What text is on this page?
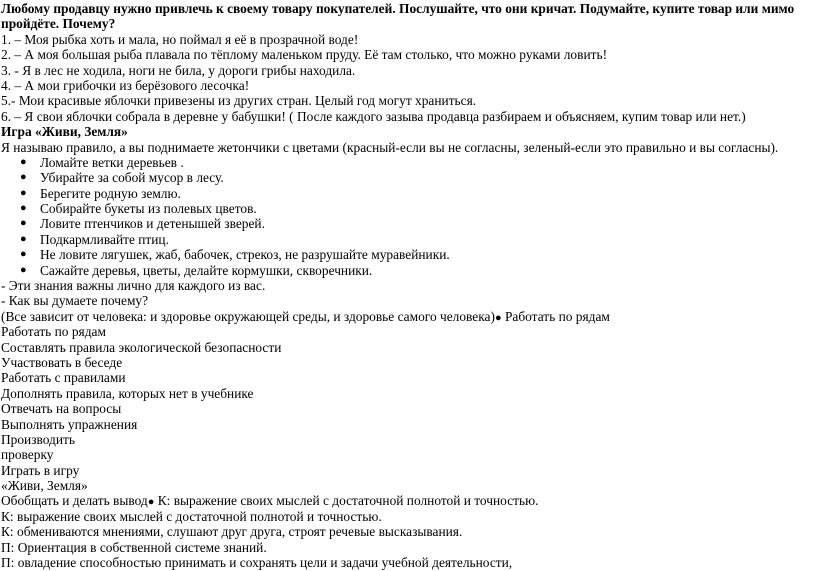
Любому продавцу нужно привлечь к своему товару покупателей. Послушайте, что они кричат. Подумайте, купите товар или мимо
пройдёте. Почему?
1. – Моя рыбка хоть и мала, но поймал я её в прозрачной воде!
2. – А моя большая рыба плавала по тёплому маленьком пруду. Её там столько, что можно руками ловить!
3. - Я в лес не ходила, ноги не била, у дороги грибы находила.
4. – А мои грибочки из берёзового лесочка!
5.- Мои красивые яблочки привезены из других стран. Целый год могут храниться.
6. – Я свои яблочки собрала в деревне у бабушки! ( После каждого зазыва продавца разбираем и объясняем, купим товар или нет.)
Игра «Живи, Земля»
Я называю правило, а вы поднимаете жетончики с цветами (красный-если вы не согласны, зеленый-если это правильно и вы согласны).
● Ломайте ветки деревьев .
● Убирайте за собой мусор в лесу.
● Берегите родную землю.
● Собирайте букеты из полевых цветов.
● Ловите птенчиков и детенышей зверей.
● Подкармливайте птиц.
● Не ловите лягушек, жаб, бабочек, стрекоз, не разрушайте муравейники.
● Сажайте деревья, цветы, делайте кормушки, скворечники.
- Эти знания важны лично для каждого из вас.
- Как вы думаете почему?
(Все зависит от человека: и здоровье окружающей среды, и здоровье самого человека)● Работать по рядам
Работать по рядам
Составлять правила экологической безопасности
Участвовать в беседе
Работать с правилами
Дополнять правила, которых нет в учебнике
Отвечать на вопросы
Выполнять упражнения
Производить
проверку
Играть в игру
«Живи, Земля»
Обобщать и делать вывод● К: выражение своих мыслей с достаточной полнотой и точностью.
К: выражение своих мыслей с достаточной полнотой и точностью.
К: обмениваются мнениями, слушают друг друга, строят речевые высказывания.
П: Ориентация в собственной системе знаний.
П: овладение способностью принимать и сохранять цели и задачи учебной деятельности,
